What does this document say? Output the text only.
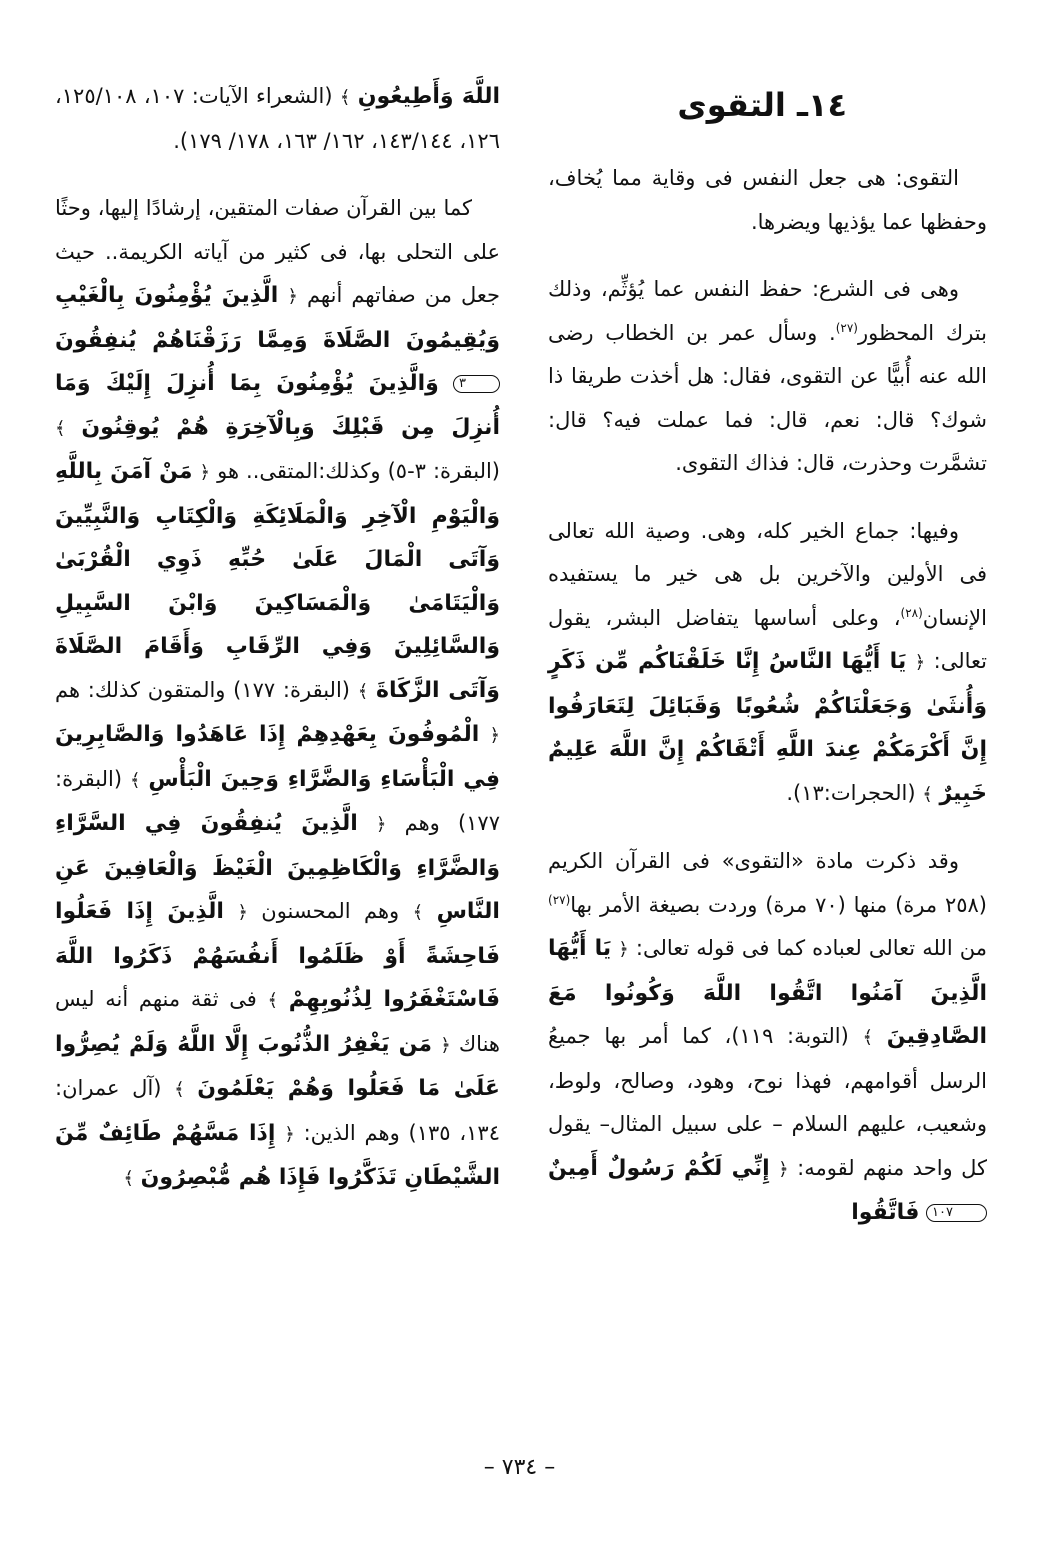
١٤ـ التقوى

التقوى: هى جعل النفس فى وقاية مما يُخاف، وحفظها عما يؤذيها ويضرها.

وهى فى الشرع: حفظ النفس عما يُؤثِّم، وذلك بترك المحظور$^{(٢٧)}$. وسأل عمر بن الخطاب رضى الله عنه أُبيًّا عن التقوى، فقال: هل أخذت طريقا ذا شوك؟ قال: نعم، قال: فما عملت فيه؟ قال: تشمَّرت وحذرت، قال: فذاك التقوى.

وفيها: جماع الخير كله، وهى. وصية الله تعالى فى الأولين والآخرين بل هى خير ما يستفيده الإنسان$^{(٢٨)}$، وعلى أساسها يتفاضل البشر، يقول تعالى: ﴿ يَا أَيُّهَا النَّاسُ إِنَّا خَلَقْنَاكُم مِّن ذَكَرٍ وَأُنثَىٰ وَجَعَلْنَاكُمْ شُعُوبًا وَقَبَائِلَ لِتَعَارَفُوا إِنَّ أَكْرَمَكُمْ عِندَ اللَّهِ أَتْقَاكُمْ إِنَّ اللَّهَ عَلِيمٌ خَبِيرٌ ﴾ (الحجرات:١٣).

وقد ذكرت مادة «التقوى» فى القرآن الكريم (٢٥٨ مرة) منها (٧٠ مرة) وردت بصيغة الأمر بها$^{(٢٧)}$ من الله تعالى لعباده كما فى قوله تعالى: ﴿ يَا أَيُّهَا الَّذِينَ آمَنُوا اتَّقُوا اللَّهَ وَكُونُوا مَعَ الصَّادِقِينَ ﴾ (التوبة: ١١٩)، كما أمر بها جميعُ الرسل أقوامهم، فهذا نوح، وهود، وصالح، ولوط، وشعيب، عليهم السلام – على سبيل المثال– يقول كل واحد منهم لقومه: ﴿ إِنِّي لَكُمْ رَسُولٌ أَمِينٌ ١٠٧ فَاتَّقُوا

اللَّهَ وَأَطِيعُونِ ﴾ (الشعراء الآيات: ١٠٧، ١٢٥/١٠٨، ١٢٦، ١٤٣/١٤٤، ١٦٢/ ١٦٣، ١٧٨/ ١٧٩).

كما بين القرآن صفات المتقين، إرشادًا إليها، وحثًا على التحلى بها، فى كثير من آياته الكريمة.. حيث جعل من صفاتهم أنهم ﴿ الَّذِينَ يُؤْمِنُونَ بِالْغَيْبِ وَيُقِيمُونَ الصَّلَاةَ وَمِمَّا رَزَقْنَاهُمْ يُنفِقُونَ ٣ وَالَّذِينَ يُؤْمِنُونَ بِمَا أُنزِلَ إِلَيْكَ وَمَا أُنزِلَ مِن قَبْلِكَ وَبِالْآخِرَةِ هُمْ يُوقِنُونَ ﴾ (البقرة: ٣-٥) وكذلك:المتقى.. هو ﴿ مَنْ آمَنَ بِاللَّهِ وَالْيَوْمِ الْآخِرِ وَالْمَلَائِكَةِ وَالْكِتَابِ وَالنَّبِيِّينَ وَآتَى الْمَالَ عَلَىٰ حُبِّهِ ذَوِي الْقُرْبَىٰ وَالْيَتَامَىٰ وَالْمَسَاكِينَ وَابْنَ السَّبِيلِ وَالسَّائِلِينَ وَفِي الرِّقَابِ وَأَقَامَ الصَّلَاةَ وَآتَى الزَّكَاةَ ﴾ (البقرة: ١٧٧) والمتقون كذلك: هم ﴿ الْمُوفُونَ بِعَهْدِهِمْ إِذَا عَاهَدُوا وَالصَّابِرِينَ فِي الْبَأْسَاءِ وَالضَّرَّاءِ وَحِينَ الْبَأْسِ ﴾ (البقرة: ١٧٧) وهم ﴿ الَّذِينَ يُنفِقُونَ فِي السَّرَّاءِ وَالضَّرَّاءِ وَالْكَاظِمِينَ الْغَيْظَ وَالْعَافِينَ عَنِ النَّاسِ ﴾ وهم المحسنون ﴿ الَّذِينَ إِذَا فَعَلُوا فَاحِشَةً أَوْ ظَلَمُوا أَنفُسَهُمْ ذَكَرُوا اللَّهَ فَاسْتَغْفَرُوا لِذُنُوبِهِمْ ﴾ فى ثقة منهم أنه ليس هناك ﴿ مَن يَغْفِرُ الذُّنُوبَ إِلَّا اللَّهُ وَلَمْ يُصِرُّوا عَلَىٰ مَا فَعَلُوا وَهُمْ يَعْلَمُونَ ﴾ (آل عمران: ١٣٤، ١٣٥) وهم الذين: ﴿ إِذَا مَسَّهُمْ طَائِفٌ مِّنَ الشَّيْطَانِ تَذَكَّرُوا فَإِذَا هُم مُّبْصِرُونَ ﴾

– ٧٣٤ –
